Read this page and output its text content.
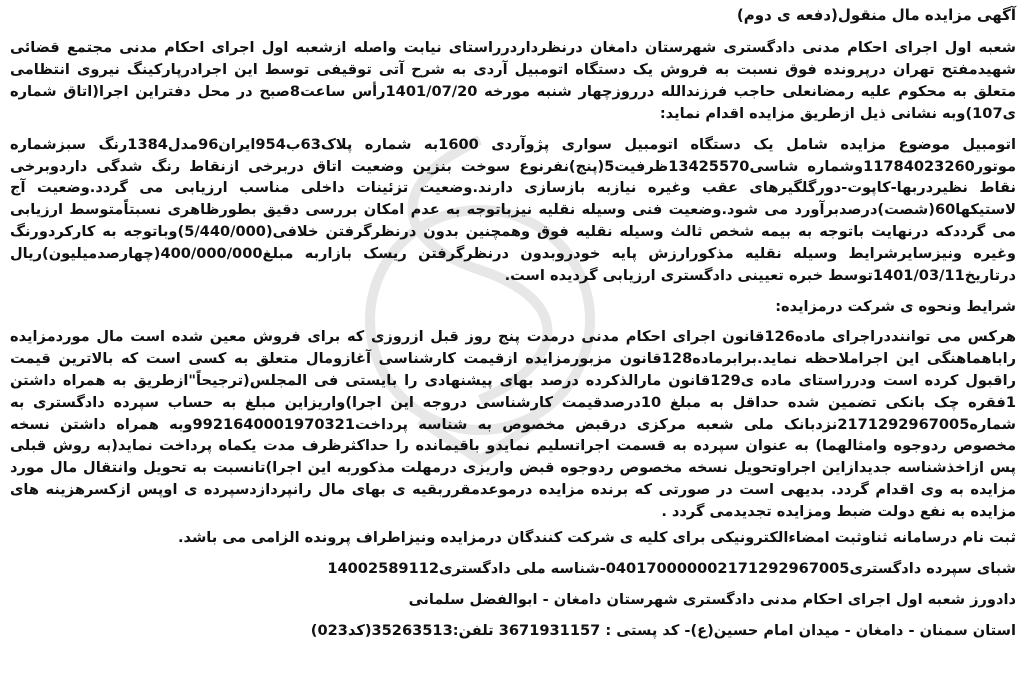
آگهی مزایده مال منقول(دفعه ی دوم)
شعبه اول اجرای احکام مدنی دادگستری شهرستان دامغان درنظرداردرراستای نیابت واصله ازشعبه اول اجرای احکام مدنی مجتمع قضائی شهیدمفتح تهران درپرونده فوق نسبت به فروش یک دستگاه اتومبیل آردی به شرح آتی توقیفی توسط این اجرادرپارکینگ نیروی انتظامی متعلق به محکوم علیه رمضانعلی حاجب فرزندالله درروزچهار شنبه مورخه 1401/07/20رأس ساعت8صبح در محل دفتراین اجرا(اتاق شماره ی107)وبه نشانی ذیل ازطریق مزایده اقدام نماید:
اتومبیل موضوع مزایده شامل یک دستگاه اتومبیل سواری پژوآردی 1600به شماره پلاک63ب954ایران96مدل1384رنگ سبزشماره موتور11784023260وشماره شاسی13425570ظرفیت5(پنج)نفرنوع سوخت بنزین وضعیت اتاق دربرخی ازنقاط رنگ شدگی داردوبرخی نقاط نظیردربها-کاپوت-دورگلگیرهای عقب وغیره نیازبه بازسازی دارند.وضعیت تزئینات داخلی مناسب ارزیابی می گردد.وضعیت آج لاستیکها60(شصت)درصدبرآورد می شود.وضعیت فنی وسیله نقلیه نیزباتوجه به عدم امکان بررسی دقیق بطورظاهری نسبتاًمتوسط ارزیابی می گرددکه درنهایت باتوجه به بیمه شخص ثالث وسیله نقلیه فوق وهمچنین بدون درنظرگرفتن خلافی(5/440/000)وباتوجه به کارکردورنگ وغیره ونیزسایرشرایط وسیله نقلیه مذکورارزش پایه خودروبدون درنظرگرفتن ریسک بازاربه مبلغ400/000/000(چهارصدمیلیون)ریال درتاریخ1401/03/11توسط خبره تعیینی دادگستری ارزیابی گردیده است.
شرایط ونحوه ی شرکت درمزایده:
هرکس می تواننددراجرای ماده126قانون اجرای احکام مدنی درمدت پنج روز قبل ازروزی که برای فروش معین شده است مال موردمزایده راباهماهنگی این اجراملاحظه نماید.برابرماده128قانون مزبورمزایده ازقیمت کارشناسی آغازومال متعلق به کسی است که بالاترین قیمت راقبول کرده است ودرراستای ماده ی129قانون مارالذکرده درصد بهای پیشنهادی را بایستی فی المجلس(ترجیحاً"ازطریق به همراه داشتن 1فقره چک بانکی تضمین شده حداقل به مبلغ 10درصدقیمت کارشناسی دروجه این اجرا)واریزاین مبلغ به حساب سپرده دادگستری به شماره2171292967005نزدبانک ملی شعبه مرکزی درقبض مخصوص به شناسه پرداخت9921640001970321وبه همراه داشتن نسخه مخصوص ردوجوه وامثالهما) به عنوان سپرده به قسمت اجراتسلیم نمایدو باقیمانده را حداکثرظرف مدت یکماه پرداخت نماید(به روش قبلی پس ازاخذشناسه جدیدازاین اجراوتحویل نسخه مخصوص ردوجوه قبض واریزی درمهلت مذکوربه این اجرا)تانسبت به تحویل وانتقال مال مورد مزایده به وی اقدام گردد. بدیهی است در صورتی که برنده مزایده درموعدمقرربقیه ی بهای مال رانپردازدسپرده ی اوپس ازکسرهزینه های مزایده به نفع دولت ضبط ومزایده تجدیدمی گردد .
ثبت نام درسامانه ثناوثبت امضاءالکترونیکی برای کلیه ی شرکت کنندگان درمزایده ونیزاطراف پرونده الزامی می باشد.
شبای سپرده دادگستری040170000002171292967005-شناسه ملی دادگستری14002589112
دادورز شعبه اول اجرای احکام مدنی دادگستری شهرستان دامغان - ابوالفضل سلمانی
استان سمنان - دامغان - میدان امام حسین(ع)- کد پستی : 3671931157 تلفن:35263513(کد023)
